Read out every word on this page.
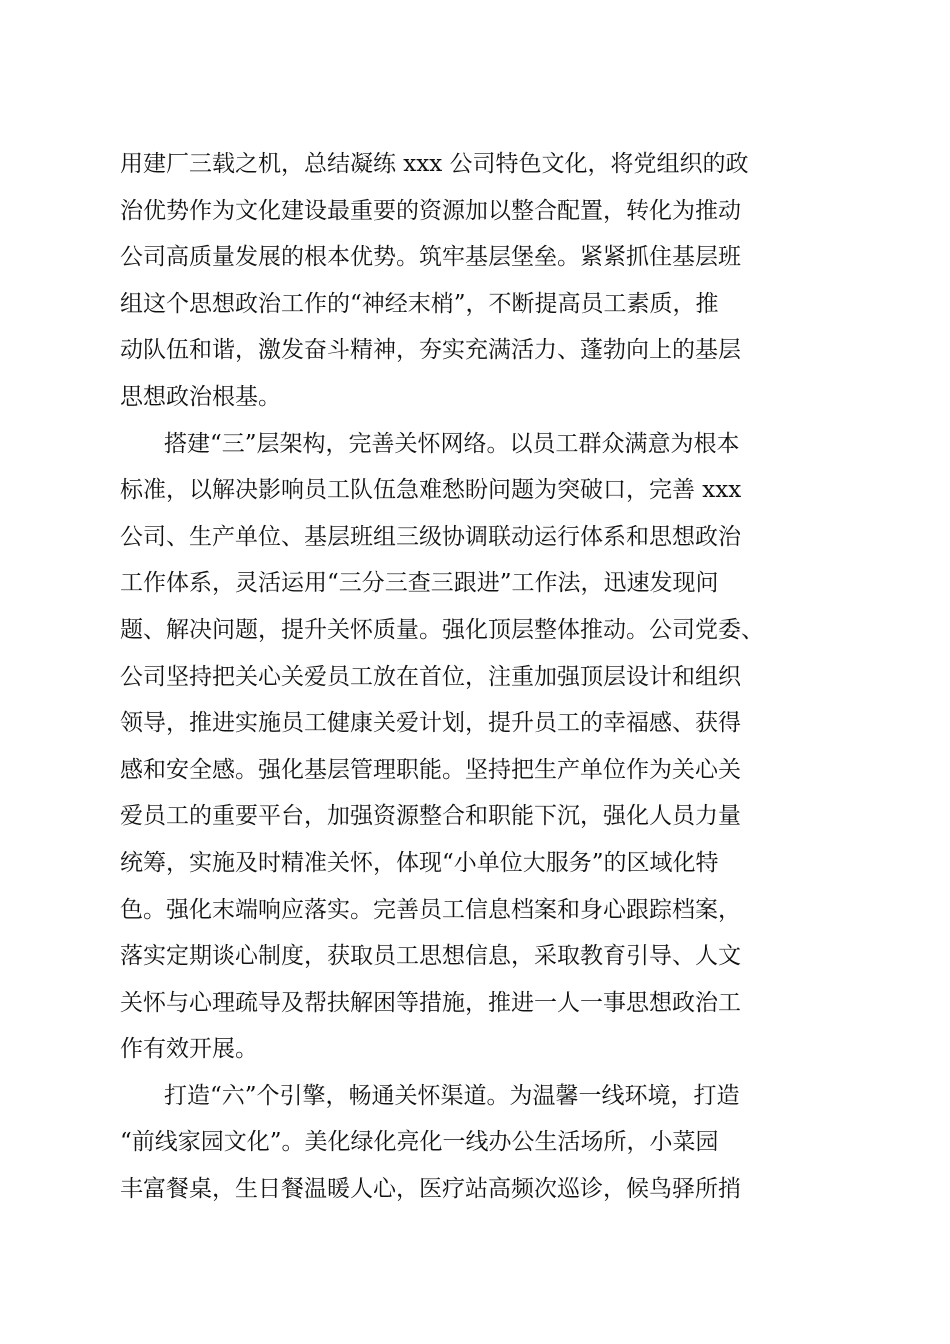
用建厂三载之机，总结凝练 xxx 公司特色文化，将党组织的政
治优势作为文化建设最重要的资源加以整合配置，转化为推动
公司高质量发展的根本优势。筑牢基层堡垒。紧紧抓住基层班
组这个思想政治工作的“神经末梢”，不断提高员工素质，推
动队伍和谐，激发奋斗精神，夯实充满活力、蓬勃向上的基层
思想政治根基。
搭建“三”层架构，完善关怀网络。以员工群众满意为根本
标准，以解决影响员工队伍急难愁盼问题为突破口，完善 xxx
公司、生产单位、基层班组三级协调联动运行体系和思想政治
工作体系，灵活运用“三分三查三跟进”工作法，迅速发现问
题、解决问题，提升关怀质量。强化顶层整体推动。公司党委、
公司坚持把关心关爱员工放在首位，注重加强顶层设计和组织
领导，推进实施员工健康关爱计划，提升员工的幸福感、获得
感和安全感。强化基层管理职能。坚持把生产单位作为关心关
爱员工的重要平台，加强资源整合和职能下沉，强化人员力量
统筹，实施及时精准关怀，体现“小单位大服务”的区域化特
色。强化末端响应落实。完善员工信息档案和身心跟踪档案，
落实定期谈心制度，获取员工思想信息，采取教育引导、人文
关怀与心理疏导及帮扶解困等措施，推进一人一事思想政治工
作有效开展。
打造“六”个引擎，畅通关怀渠道。为温馨一线环境，打造
“前线家园文化”。美化绿化亮化一线办公生活场所，小菜园
丰富餐桌，生日餐温暖人心，医疗站高频次巡诊，候鸟驿所捎
